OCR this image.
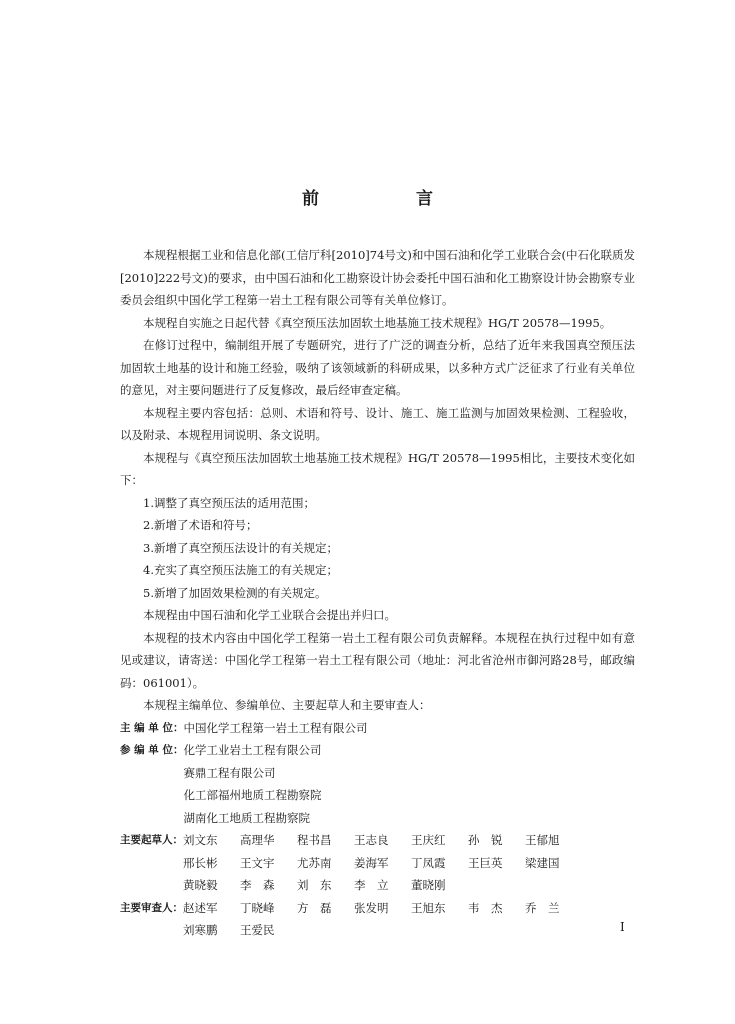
前　言

本规程根据工业和信息化部(工信厅科[2010]74号文)和中国石油和化学工业联合会(中石化联质发[2010]222号文)的要求，由中国石油和化工勘察设计协会委托中国石油和化工勘察设计协会勘察专业委员会组织中国化学工程第一岩土工程有限公司等有关单位修订。

本规程自实施之日起代替《真空预压法加固软土地基施工技术规程》HG/T 20578—1995。

在修订过程中，编制组开展了专题研究，进行了广泛的调查分析，总结了近年来我国真空预压法加固软土地基的设计和施工经验，吸纳了该领域新的科研成果，以多种方式广泛征求了行业有关单位的意见，对主要问题进行了反复修改，最后经审查定稿。

本规程主要内容包括：总则、术语和符号、设计、施工、施工监测与加固效果检测、工程验收，以及附录、本规程用词说明、条文说明。

本规程与《真空预压法加固软土地基施工技术规程》HG/T 20578—1995相比，主要技术变化如下：

1.调整了真空预压法的适用范围；

2.新增了术语和符号；

3.新增了真空预压法设计的有关规定；

4.充实了真空预压法施工的有关规定；

5.新增了加固效果检测的有关规定。

本规程由中国石油和化学工业联合会提出并归口。

本规程的技术内容由中国化学工程第一岩土工程有限公司负责解释。本规程在执行过程中如有意见或建议，请寄送：中国化学工程第一岩土工程有限公司（地址：河北省沧州市御河路28号，邮政编码：061001）。

本规程主编单位、参编单位、主要起草人和主要审查人：

主 编 单 位： 中国化学工程第一岩土工程有限公司
参 编 单 位： 化学工业岩土工程有限公司
赛鼎工程有限公司
化工部福州地质工程勘察院
湖南化工地质工程勘察院
主要起草人： 刘文东	高理华	程书昌	王志良	王庆红	孙　锐	王郁旭
邢长彬	王文宇	尤苏南	姜海军	丁凤霞	王巨英	梁建国
黄晓毅	李　森	刘　东	李　立	董晓刚
主要审查人： 赵述军	丁晓峰	方　磊	张发明	王旭东	韦　杰	乔　兰
刘寒鹏	王爱民	I
